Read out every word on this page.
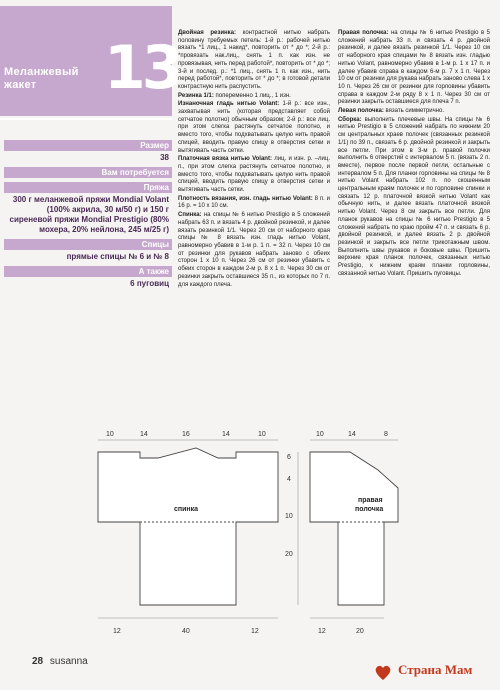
Меланжевый
жакет	13
Размер
38
Вам потребуется
Пряжа
300 г меланжевой пряжи Mondial Volant (100% акрила, 30 м/50 г) и 150 г сиреневой пряжи Mondial Prestigio (80% мохера, 20% нейлона, 245 м/25 г)
Спицы
прямые спицы № 6 и № 8
А также
6 пуговиц

Двойная резинка: контрастной нитью набрать половину требуемых петель: 1-й р.: рабочей нитью вязать *1 лиц., 1 накид*, повторить от * до *; 2-й р.: *провязать нак.лиц., снять 1 п. как изн. не провязывая, нить перед работой*, повторить от * до *; 3-й и послед. р.: *1 лиц., снять 1 п. как изн., нить перед работой*, повторить от * до *; в готовой детали контрастную нить распустить.

Резинка 1/1: попеременно 1 лиц., 1 изн.

Изнаночная гладь нитью Volant: 1-й р.: все изн., захватывая нить (которая представляет собой сетчатое полотно) обычным образом; 2-й р.: все лиц. при этом слегка растянуть сетчатое полотно, и вместо того, чтобы подхватывать целую нить правой спицей, вводить правую спицу в отверстия сетки и вытягивать часть сетки.

Платочная вязка нитью Volant: лиц. и изн. р. –лиц. п., при этом слегка растянуть сетчатое полотно, и вместо того, чтобы подхватывать целую нить правой спицей, вводить правую спицу в отверстия сетки и вытягивать часть сетки.

Плотность вязания, изн. гладь нитью Volant: 8 п. и 16 р. = 10 х 10 см.

Спинка: на спицы № 6 нитью Prestigio в 5 сложений набрать 63 п. и вязать 4 р. двойной резинкой, и далее вязать резинкой 1/1. Через 20 см от наборного края спицы № 8 вязать изн. гладь нитью Volant, равномерно убавив в 1-м р. 1 п. = 32 п. Через 10 см от резинки для рукавов набрать заново с обеих сторон 1 х 10 п. Через 26 см от резинки убавить с обеих сторон в каждом 2-м р. 8 х 1 п. Через 30 см от резинки закрыть оставшиеся 35 п., из которых по 7 п. для каждого плеча.

Правая полочка: на спицы № 6 нитью Prestigio в 5 сложений набрать 33 п. и связать 4 р. двойной резинкой, и далее вязать резинкой 1/1. Через 10 см от наборного края спицами № 8 вязать изн. гладью нитью Volant, равномерно убавив в 1-м р. 1 х 17 п. и далее убавив справа в каждом 6-м р. 7 х 1 п. Через 10 см от резинки для рукава набрать заново слева 1 х 10 п. Через 26 см от резинки для горловины убавить справа в каждом 2-м ряду 8 х 1 п. Через 30 см от резинки закрыть оставшиеся для плеча 7 п.

Левая полочка: вязать симметрично.

Сборка: выполнить плечевые швы. На спицы № 6 нитью Prestigio в 5 сложений набрать по нижним 20 см центральных краев полочек (связанных резинкой 1/1) по 39 п., связать 6 р. двойной резинкой и закрыть все петли. При этом в 3-м р. правой полочки выполнить 6 отверстий с интервалом 5 п. (вязать 2 п. вместе), первое после первой петли, остальные с интервалом 5 п. Для планки горловины на спицы № 8 нитью Volant набрать 102 п. по скошенным центральным краям полочек и по горловине спинки и связать 12 р. платочной вязкой нитью Volant как обычную нить, и далее вязать платочной вязкой нитью Volant. Через 8 см закрыть все петли. Для планок рукавов на спицы № 6 нитью Prestigio в 5 сложений набрать по краю пройм 47 п. и связать 6 р. двойной резинкой, и далее вязать 2 р. двойной резинкой и закрыть все петли трикотажным швом. Выполнить швы рукавов и боковые швы. Пришить верхние края планок полочек, связанных нитью Prestigio, к нижним краям планки горловины, связанной нитью Volant. Пришить пуговицы.

спинка
10	14	16	14	10
12	40	12
правая
полочка
10	14	8
6
4
10
20
12	20
28 susanna
Страна Мам
